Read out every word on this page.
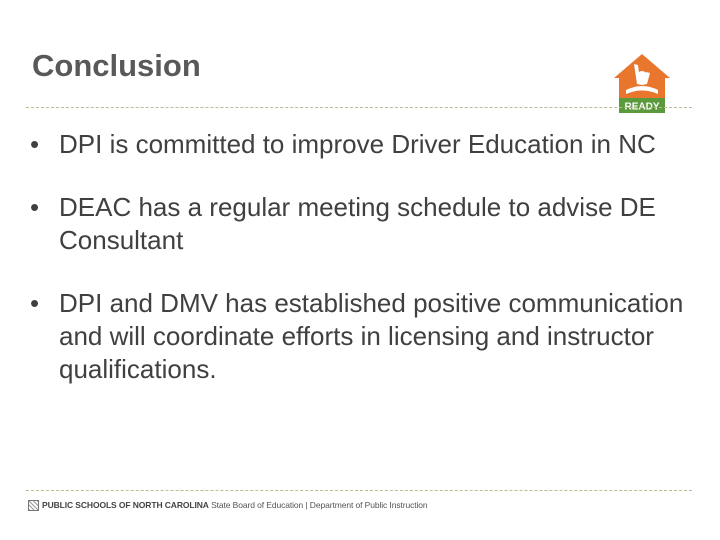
Conclusion
READY
• DPI is committed to improve Driver Education in NC
• DEAC has a regular meeting schedule to advise DE Consultant
• DPI and DMV has established positive communication and will coordinate efforts in licensing and instructor qualifications.
PUBLIC SCHOOLS OF NORTH CAROLINA State Board of Education | Department of Public Instruction
